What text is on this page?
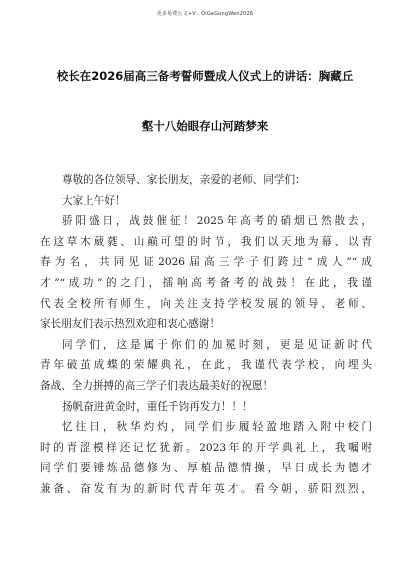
更多免费公文+V：QiGeGongWen2026
校长在2026届高三备考誓师暨成人仪式上的讲话：胸藏丘
壑十八始眼存山河踏梦来
尊敬的各位领导、家长朋友，亲爱的老师、同学们：
大家上午好！
骄阳盛日，战鼓催征！2025年高考的硝烟已然散去，
在这草木葳蕤、山巅可望的时节，我们以天地为幕、以青
春为名，共同见证2026届高三学子们跨过“成人”“成
才”“成功”的之门，擂响高考备考的战鼓！在此，我谨
代表全校所有师生，向关注支持学校发展的领导、老师、
家长朋友们表示热烈欢迎和衷心感谢！
同学们，这是属于你们的加冕时刻，更是见证新时代
青年破茧成蝶的荣耀典礼，在此，我谨代表学校，向埋头
备战、全力拼搏的高三学子们表达最美好的祝愿！
扬帆奋进黄金时，重任千钧再发力！！！
忆往日，秋华灼灼，同学们步履轻盈地踏入附中校门
时的青涩模样还记忆犹新。2023年的开学典礼上，我嘱咐
同学们要锤炼品德修为、厚植品德情操，早日成长为德才
兼备、奋发有为的新时代青年英才。看今朝，骄阳烈烈，
